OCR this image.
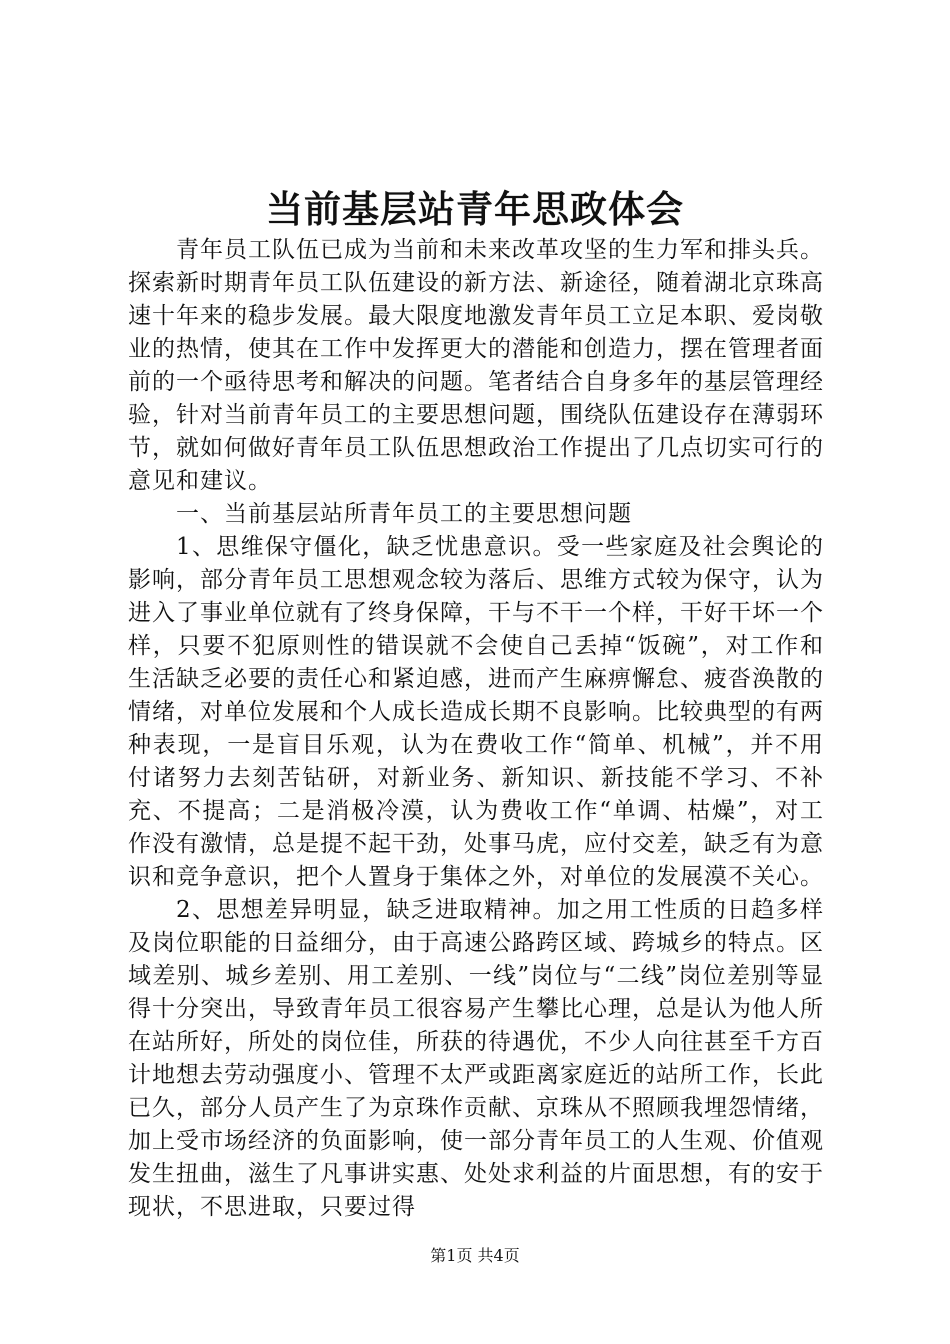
当前基层站青年思政体会

青年员工队伍已成为当前和未来改革攻坚的生力军和排头兵。探索新时期青年员工队伍建设的新方法、新途径，随着湖北京珠高速十年来的稳步发展。最大限度地激发青年员工立足本职、爱岗敬业的热情，使其在工作中发挥更大的潜能和创造力，摆在管理者面前的一个亟待思考和解决的问题。笔者结合自身多年的基层管理经验，针对当前青年员工的主要思想问题，围绕队伍建设存在薄弱环节，就如何做好青年员工队伍思想政治工作提出了几点切实可行的意见和建议。

一、当前基层站所青年员工的主要思想问题

1、思维保守僵化，缺乏忧患意识。受一些家庭及社会舆论的影响，部分青年员工思想观念较为落后、思维方式较为保守，认为进入了事业单位就有了终身保障，干与不干一个样，干好干坏一个样，只要不犯原则性的错误就不会使自己丢掉“饭碗”，对工作和生活缺乏必要的责任心和紧迫感，进而产生麻痹懈怠、疲沓涣散的情绪，对单位发展和个人成长造成长期不良影响。比较典型的有两种表现，一是盲目乐观，认为在费收工作“简单、机械”，并不用付诸努力去刻苦钻研，对新业务、新知识、新技能不学习、不补充、不提高；二是消极冷漠，认为费收工作“单调、枯燥”，对工作没有激情，总是提不起干劲，处事马虎，应付交差，缺乏有为意识和竞争意识，把个人置身于集体之外，对单位的发展漠不关心。

2、思想差异明显，缺乏进取精神。加之用工性质的日趋多样及岗位职能的日益细分，由于高速公路跨区域、跨城乡的特点。区域差别、城乡差别、用工差别、一线”岗位与“二线”岗位差别等显得十分突出，导致青年员工很容易产生攀比心理，总是认为他人所在站所好，所处的岗位佳，所获的待遇优，不少人向往甚至千方百计地想去劳动强度小、管理不太严或距离家庭近的站所工作，长此已久，部分人员产生了为京珠作贡献、京珠从不照顾我埋怨情绪，加上受市场经济的负面影响，使一部分青年员工的人生观、价值观发生扭曲，滋生了凡事讲实惠、处处求利益的片面思想，有的安于现状，不思进取，只要过得

第1页 共4页
